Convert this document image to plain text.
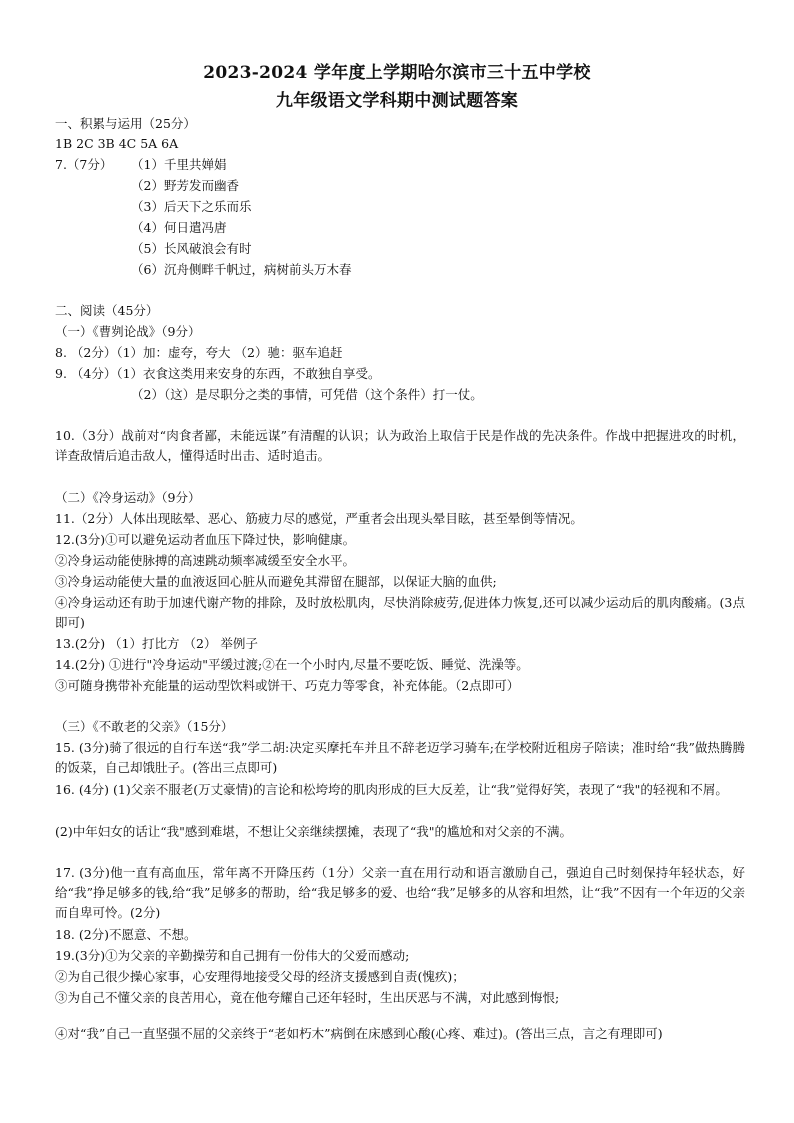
2023-2024 学年度上学期哈尔滨市三十五中学校
九年级语文学科期中测试题答案
一、积累与运用（25分）
1B 2C 3B 4C 5A 6A
7.（7分） （1）千里共婵娟
（2）野芳发而幽香
（3）后天下之乐而乐
（4）何日遣冯唐
（5）长风破浪会有时
（6）沉舟侧畔千帆过，病树前头万木春
二、阅读（45分）
（一）《曹刿论战》（9分）
8. （2分）（1）加：虚夸，夸大 （2）驰：驱车追赶
9. （4分）（1）衣食这类用来安身的东西，不敢独自享受。
（2）（这）是尽职分之类的事情，可凭借（这个条件）打一仗。
10.（3分）战前对“肉食者鄙，未能远谋”有清醒的认识；认为政治上取信于民是作战的先决条件。作战中把握进攻的时机，详查敌情后追击敌人，懂得适时出击、适时追击。
（二）《冷身运动》（9分）
11.（2分）人体出现眩晕、恶心、筋疲力尽的感觉，严重者会出现头晕目眩，甚至晕倒等情况。
12.(3分)①可以避免运动者血压下降过快，影响健康。
②冷身运动能使脉搏的高速跳动频率减缓至安全水平。
③冷身运动能使大量的血液返回心脏从而避免其滞留在腿部，以保证大脑的血供;
④冷身运动还有助于加速代谢产物的排除，及时放松肌肉，尽快消除疲劳,促进体力恢复,还可以减少运动后的肌肉酸痛。(3点即可)
13.(2分) （1）打比方 （2） 举例子
14.(2分) ①进行"冷身运动"平缓过渡;②在一个小时内,尽量不要吃饭、睡觉、洗澡等。
③可随身携带补充能量的运动型饮料或饼干、巧克力等零食，补充体能。（2点即可）
（三）《不敢老的父亲》（15分）
15. (3分)骑了很远的自行车送“我”学二胡:决定买摩托车并且不辞老迈学习骑车;在学校附近租房子陪读；准时给“我”做热腾腾的饭菜，自己却饿肚子。(答出三点即可)
16. (4分) (1)父亲不服老(万丈豪情)的言论和松垮垮的肌肉形成的巨大反差，让“我”觉得好笑，表现了“我"的轻视和不屑。
(2)中年妇女的话让“我"感到难堪，不想让父亲继续摆摊，表现了“我"的尴尬和对父亲的不满。
17. (3分)他一直有高血压，常年离不开降压药（1分）父亲一直在用行动和语言激励自己，强迫自己时刻保持年轻状态，好给“我”挣足够多的钱,给“我”足够多的帮助，给“我足够多的爱、也给“我”足够多的从容和坦然，让“我”不因有一个年迈的父亲而自卑可怜。(2分)
18. (2分)不愿意、不想。
19.(3分)①为父亲的辛勤操劳和自己拥有一份伟大的父爱而感动;
②为自己很少操心家事，心安理得地接受父母的经济支援感到自责(愧疚)；
③为自己不懂父亲的良苦用心，竟在他夸耀自己还年轻时，生出厌恶与不满，对此感到悔恨;
④对“我”自己一直坚强不屈的父亲终于“老如朽木”病倒在床感到心酸(心疼、难过)。(答出三点，言之有理即可)
